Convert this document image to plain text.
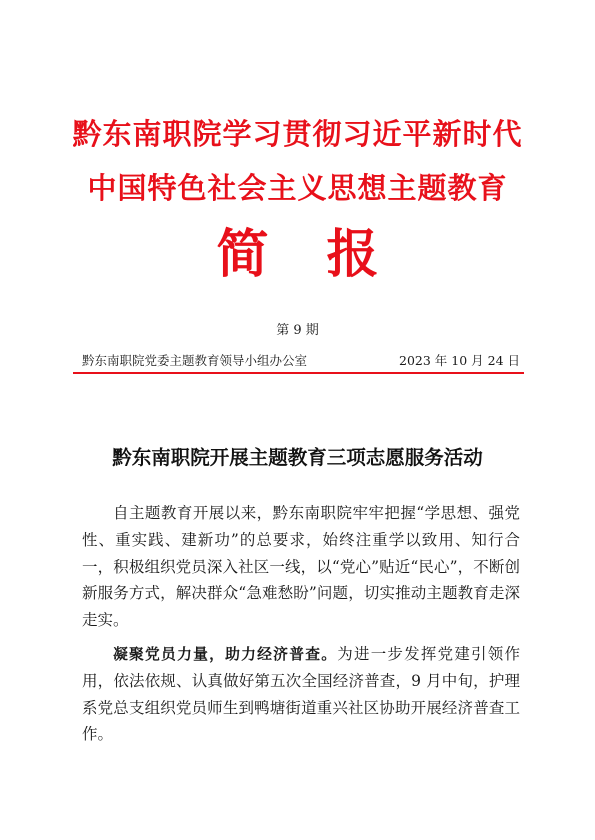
黔东南职院学习贯彻习近平新时代
中国特色社会主义思想主题教育
简报
第 9 期
黔东南职院党委主题教育领导小组办公室	2023 年 10 月 24 日
黔东南职院开展主题教育三项志愿服务活动

自主题教育开展以来，黔东南职院牢牢把握“学思想、强党性、重实践、建新功”的总要求，始终注重学以致用、知行合一，积极组织党员深入社区一线，以“党心”贴近“民心”，不断创新服务方式，解决群众“急难愁盼”问题，切实推动主题教育走深走实。

凝聚党员力量，助力经济普查。为进一步发挥党建引领作用，依法依规、认真做好第五次全国经济普查，9 月中旬，护理系党总支组织党员师生到鸭塘街道重兴社区协助开展经济普查工作。
